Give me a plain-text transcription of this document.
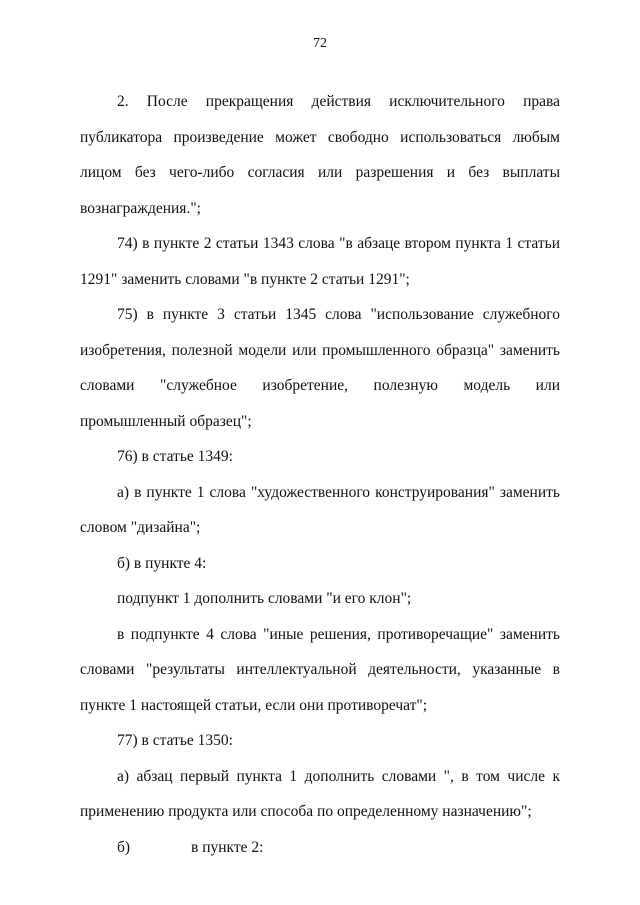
72

2. После прекращения действия исключительного права публикатора произведение может свободно использоваться любым лицом без чего-либо согласия или разрешения и без выплаты вознаграждения.";

74) в пункте 2 статьи 1343 слова "в абзаце втором пункта 1 статьи 1291" заменить словами "в пункте 2 статьи 1291";

75) в пункте 3 статьи 1345 слова "использование служебного изобретения, полезной модели или промышленного образца" заменить словами "служебное изобретение, полезную модель или промышленный образец";

76) в статье 1349:

а) в пункте 1 слова "художественного конструирования" заменить словом "дизайна";

б) в пункте 4:

подпункт 1 дополнить словами "и его клон";

в подпункте 4 слова "иные решения, противоречащие" заменить словами "результаты интеллектуальной деятельности, указанные в пункте 1 настоящей статьи, если они противоречат";

77) в статье 1350:

а) абзац первый пункта 1 дополнить словами ", в том числе к применению продукта или способа по определенному назначению";

б)	в пункте 2:
